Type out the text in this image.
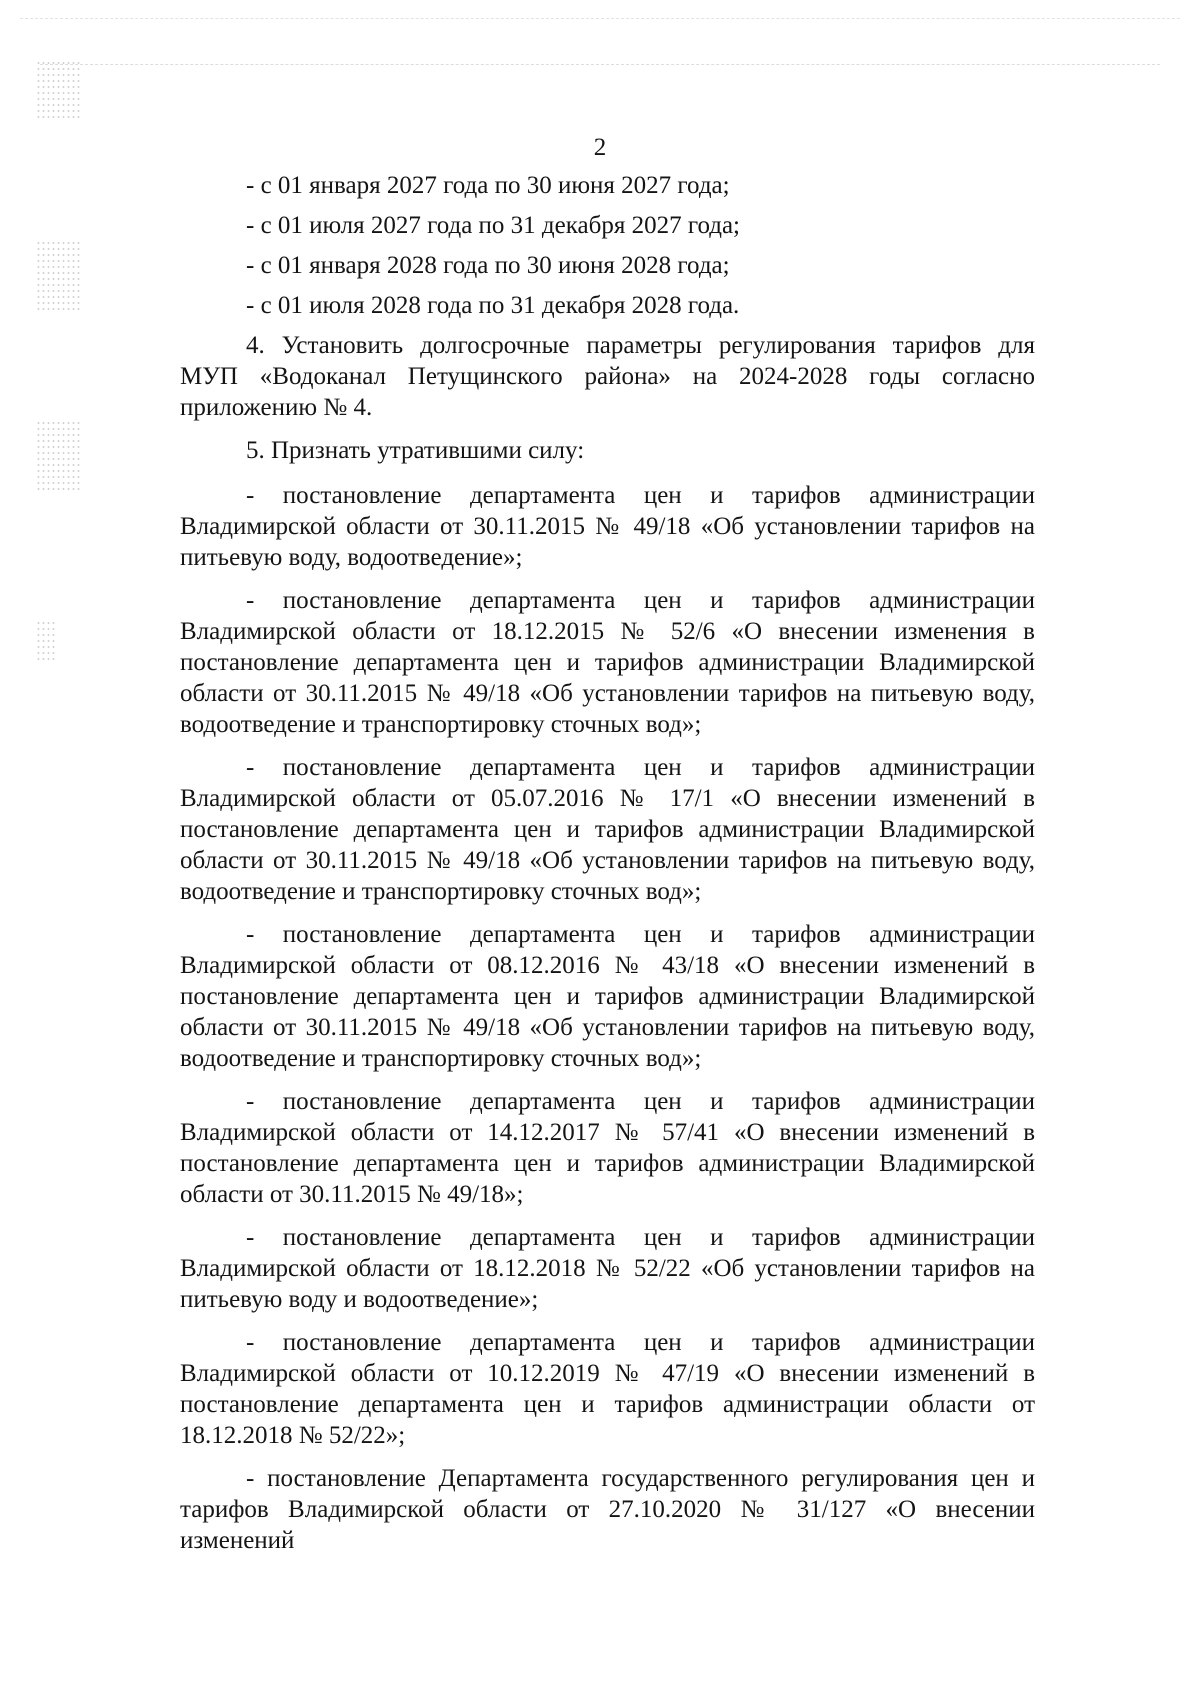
2
- с 01 января 2027 года по 30 июня 2027 года;
- с 01 июля 2027 года по 31 декабря 2027 года;
- с 01 января 2028 года по 30 июня 2028 года;
- с 01 июля 2028 года по 31 декабря 2028 года.

4. Установить долгосрочные параметры регулирования тарифов для МУП «Водоканал Петущинского района» на 2024-2028 годы согласно приложению № 4.

5. Признать утратившими силу:

- постановление департамента цен и тарифов администрации Владимирской области от 30.11.2015 № 49/18 «Об установлении тарифов на питьевую воду, водоотведение»;

- постановление департамента цен и тарифов администрации Владимирской области от 18.12.2015 № 52/6 «О внесении изменения в постановление департамента цен и тарифов администрации Владимирской области от 30.11.2015 № 49/18 «Об установлении тарифов на питьевую воду, водоотведение и транспортировку сточных вод»;

- постановление департамента цен и тарифов администрации Владимирской области от 05.07.2016 № 17/1 «О внесении изменений в постановление департамента цен и тарифов администрации Владимирской области от 30.11.2015 № 49/18 «Об установлении тарифов на питьевую воду, водоотведение и транспортировку сточных вод»;

- постановление департамента цен и тарифов администрации Владимирской области от 08.12.2016 № 43/18 «О внесении изменений в постановление департамента цен и тарифов администрации Владимирской области от 30.11.2015 № 49/18 «Об установлении тарифов на питьевую воду, водоотведение и транспортировку сточных вод»;

- постановление департамента цен и тарифов администрации Владимирской области от 14.12.2017 № 57/41 «О внесении изменений в постановление департамента цен и тарифов администрации Владимирской области от 30.11.2015 № 49/18»;

- постановление департамента цен и тарифов администрации Владимирской области от 18.12.2018 № 52/22 «Об установлении тарифов на питьевую воду и водоотведение»;

- постановление департамента цен и тарифов администрации Владимирской области от 10.12.2019 № 47/19 «О внесении изменений в постановление департамента цен и тарифов администрации области от 18.12.2018 № 52/22»;

- постановление Департамента государственного регулирования цен и тарифов Владимирской области от 27.10.2020 № 31/127 «О внесении изменений
